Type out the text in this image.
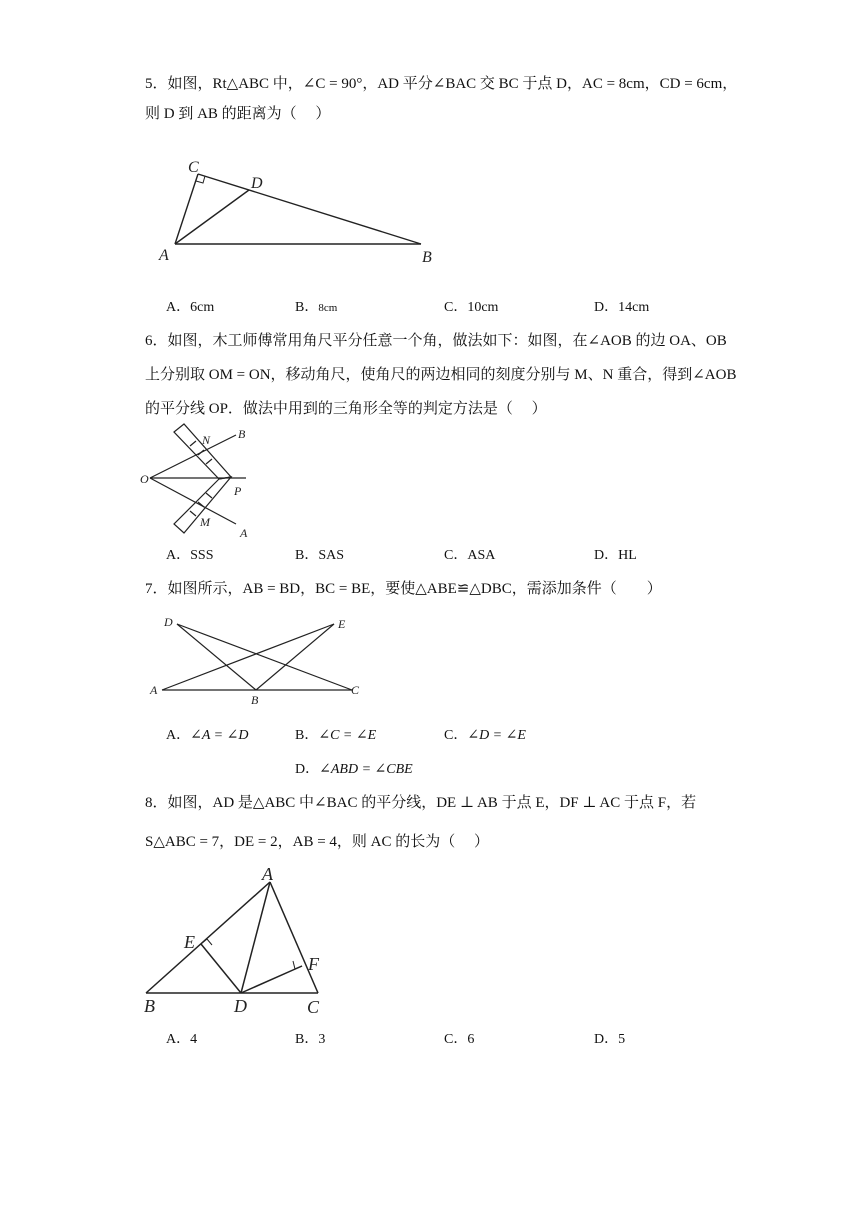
5．如图，Rt△ABC 中，∠C = 90°，AD 平分∠BAC 交 BC 于点 D，AC = 8cm，CD = 6cm，
则 D 到 AB 的距离为（　 ）
C
D
A	B
A．6cm	B．8cm	C．10cm	D．14cm
6．如图，木工师傅常用角尺平分任意一个角，做法如下：如图，在∠AOB 的边 OA、OB
上分别取 OM = ON，移动角尺，使角尺的两边相同的刻度分别与 M、N 重合，得到∠AOB
的平分线 OP．做法中用到的三角形全等的判定方法是（　 ）
O
N B
P
M
A
A．SSS	B．SAS	C．ASA	D．HL
7．如图所示，AB = BD，BC = BE，要使△ABE≌△DBC，需添加条件（　　）
D	E
A
B
C
A．∠A = ∠D	B．∠C = ∠E	C．∠D = ∠E
D．∠ABD = ∠CBE
8．如图，AD 是△ABC 中∠BAC 的平分线，DE ⊥ AB 于点 E，DF ⊥ AC 于点 F，若
S△ABC = 7，DE = 2，AB = 4，则 AC 的长为（　 ）
A
E
F
B	D	C
A．4	B．3	C．6	D．5
